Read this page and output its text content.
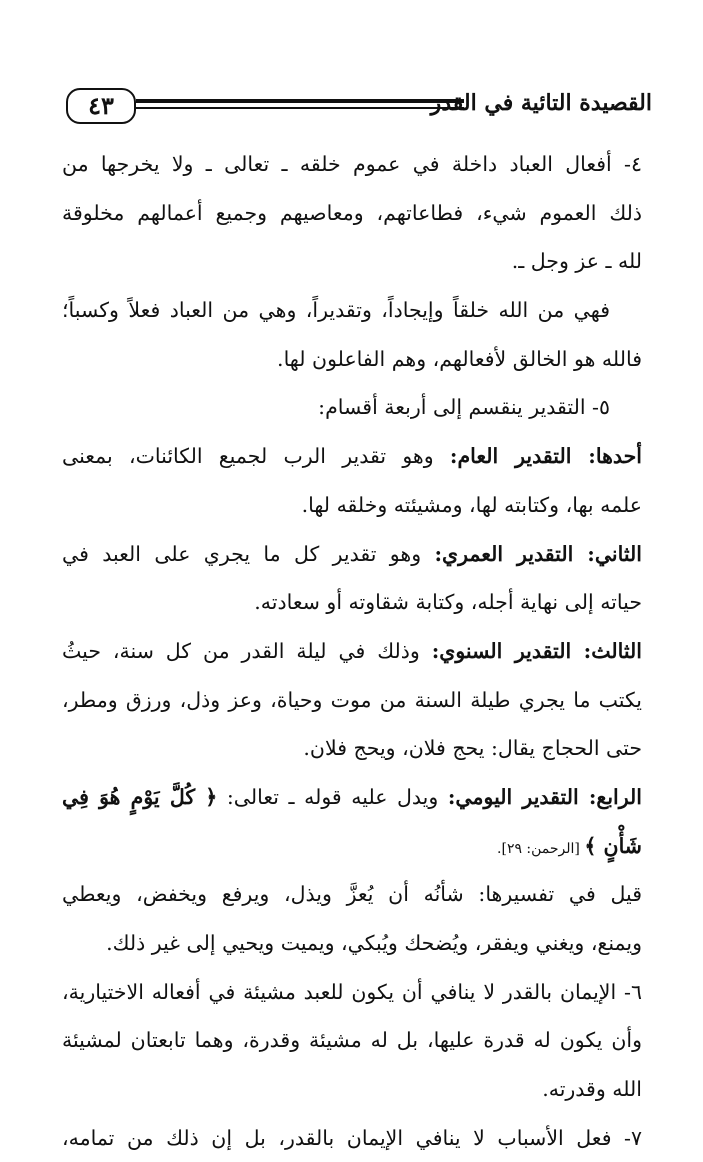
٤٣	القصيدة التائية في القدر
٤- أفعال العباد داخلة في عموم خلقه ـ تعالى ـ ولا يخرجها من
ذلك العموم شيء، فطاعاتهم، ومعاصيهم وجميع أعمالهم مخلوقة
لله ـ عز وجل ـ.
فهي من الله خلقاً وإيجاداً، وتقديراً، وهي من العباد فعلاً وكسباً؛
فالله هو الخالق لأفعالهم، وهم الفاعلون لها.
٥- التقدير ينقسم إلى أربعة أقسام:
أحدها: التقدير العام: وهو تقدير الرب لجميع الكائنات، بمعنى
علمه بها، وكتابته لها، ومشيئته وخلقه لها.
الثاني: التقدير العمري: وهو تقدير كل ما يجري على العبد في
حياته إلى نهاية أجله، وكتابة شقاوته أو سعادته.
الثالث: التقدير السنوي: وذلك في ليلة القدر من كل سنة، حيثُ
يكتب ما يجري طيلة السنة من موت وحياة، وعز وذل، ورزق ومطر،
حتى الحجاج يقال: يحج فلان، ويحج فلان.
الرابع: التقدير اليومي: ويدل عليه قوله ـ تعالى: ﴿ كُلَّ يَوْمٍ هُوَ فِي
شَأْنٍ ﴾ [الرحمن: ٢٩].
قيل في تفسيرها: شأنُه أن يُعزَّ ويذل، ويرفع ويخفض، ويعطي
ويمنع، ويغني ويفقر، ويُضحك ويُبكي، ويميت ويحيي إلى غير ذلك.
٦- الإيمان بالقدر لا ينافي أن يكون للعبد مشيئة في أفعاله الاختيارية،
وأن يكون له قدرة عليها، بل له مشيئة وقدرة، وهما تابعتان لمشيئة
الله وقدرته.
٧- فعل الأسباب لا ينافي الإيمان بالقدر، بل إن ذلك من تمامه،
